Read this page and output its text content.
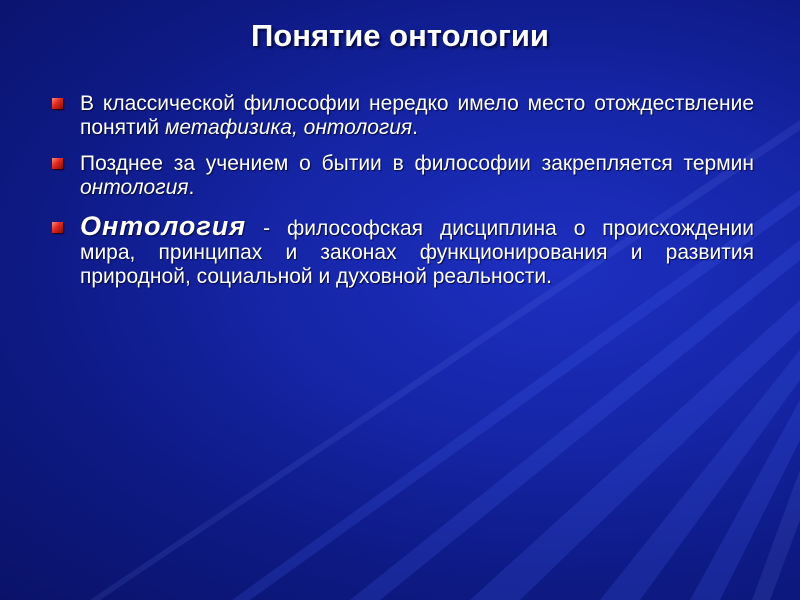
Понятие онтологии
В классической философии нередко имело место отождествление понятий метафизика, онтология.
Позднее за учением о бытии в философии закрепляется термин онтология.
Онтология - философская дисциплина о происхождении мира, принципах и законах функционирования и развития природной, социальной и духовной реальности.
